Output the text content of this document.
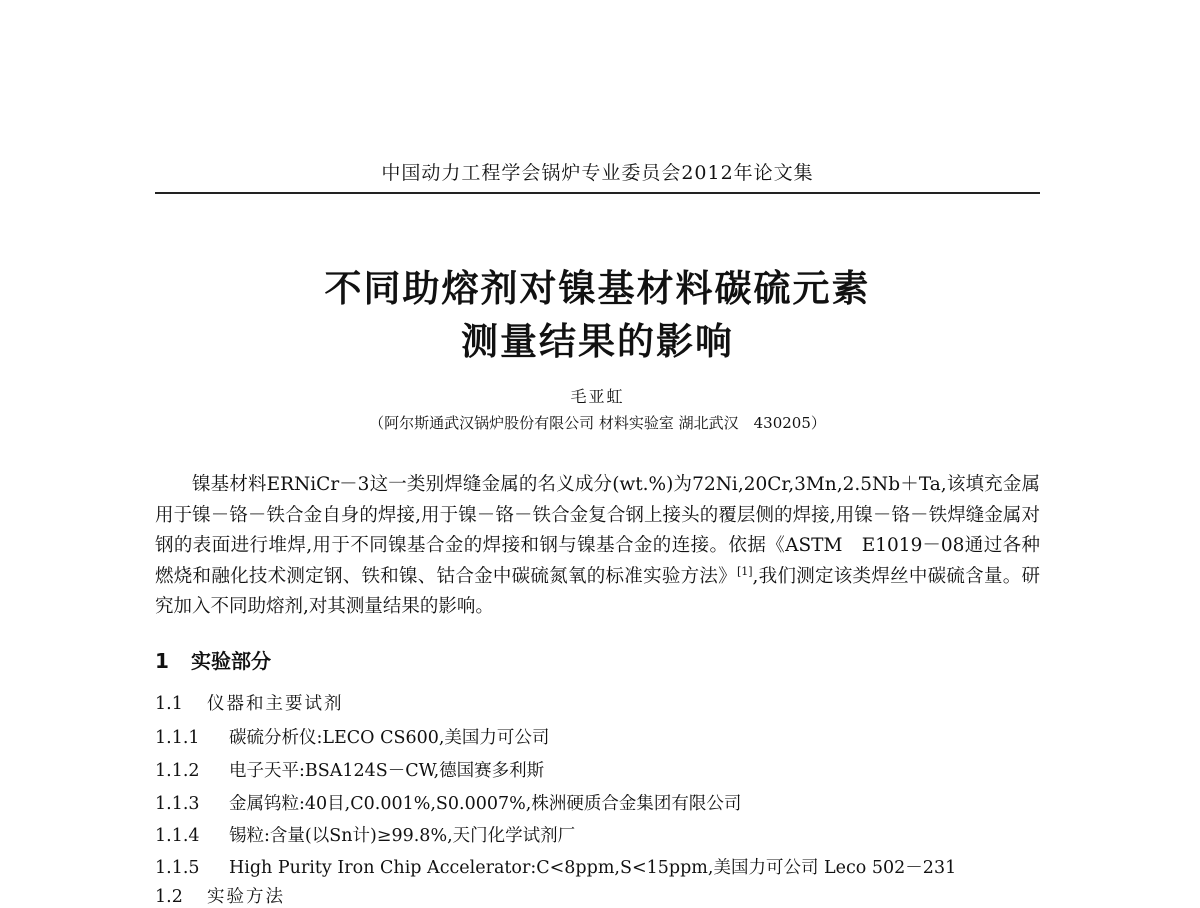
中国动力工程学会锅炉专业委员会2012年论文集
不同助熔剂对镍基材料碳硫元素
测量结果的影响
毛亚虹
（阿尔斯通武汉锅炉股份有限公司 材料实验室 湖北武汉　430205）

镍基材料ERNiCr－3这一类别焊缝金属的名义成分(wt.%)为72Ni,20Cr,3Mn,2.5Nb＋Ta,该填充金属用于镍－铬－铁合金自身的焊接,用于镍－铬－铁合金复合钢上接头的覆层侧的焊接,用镍－铬－铁焊缝金属对钢的表面进行堆焊,用于不同镍基合金的焊接和钢与镍基合金的连接。依据《ASTM　E1019－08通过各种燃烧和融化技术测定钢、铁和镍、钴合金中碳硫氮氧的标准实验方法》[1],我们测定该类焊丝中碳硫含量。研究加入不同助熔剂,对其测量结果的影响。

1 实验部分
1.1 仪器和主要试剂
1.1.1 碳硫分析仪:LECO CS600,美国力可公司
1.1.2 电子天平:BSA124S－CW,德国赛多利斯
1.1.3 金属钨粒:40目,C0.001%,S0.0007%,株洲硬质合金集团有限公司
1.1.4 锡粒:含量(以Sn计)≥99.8%,天门化学试剂厂
1.1.5 High Purity Iron Chip Accelerator:C<8ppm,S<15ppm,美国力可公司 Leco 502－231
1.2 实验方法
